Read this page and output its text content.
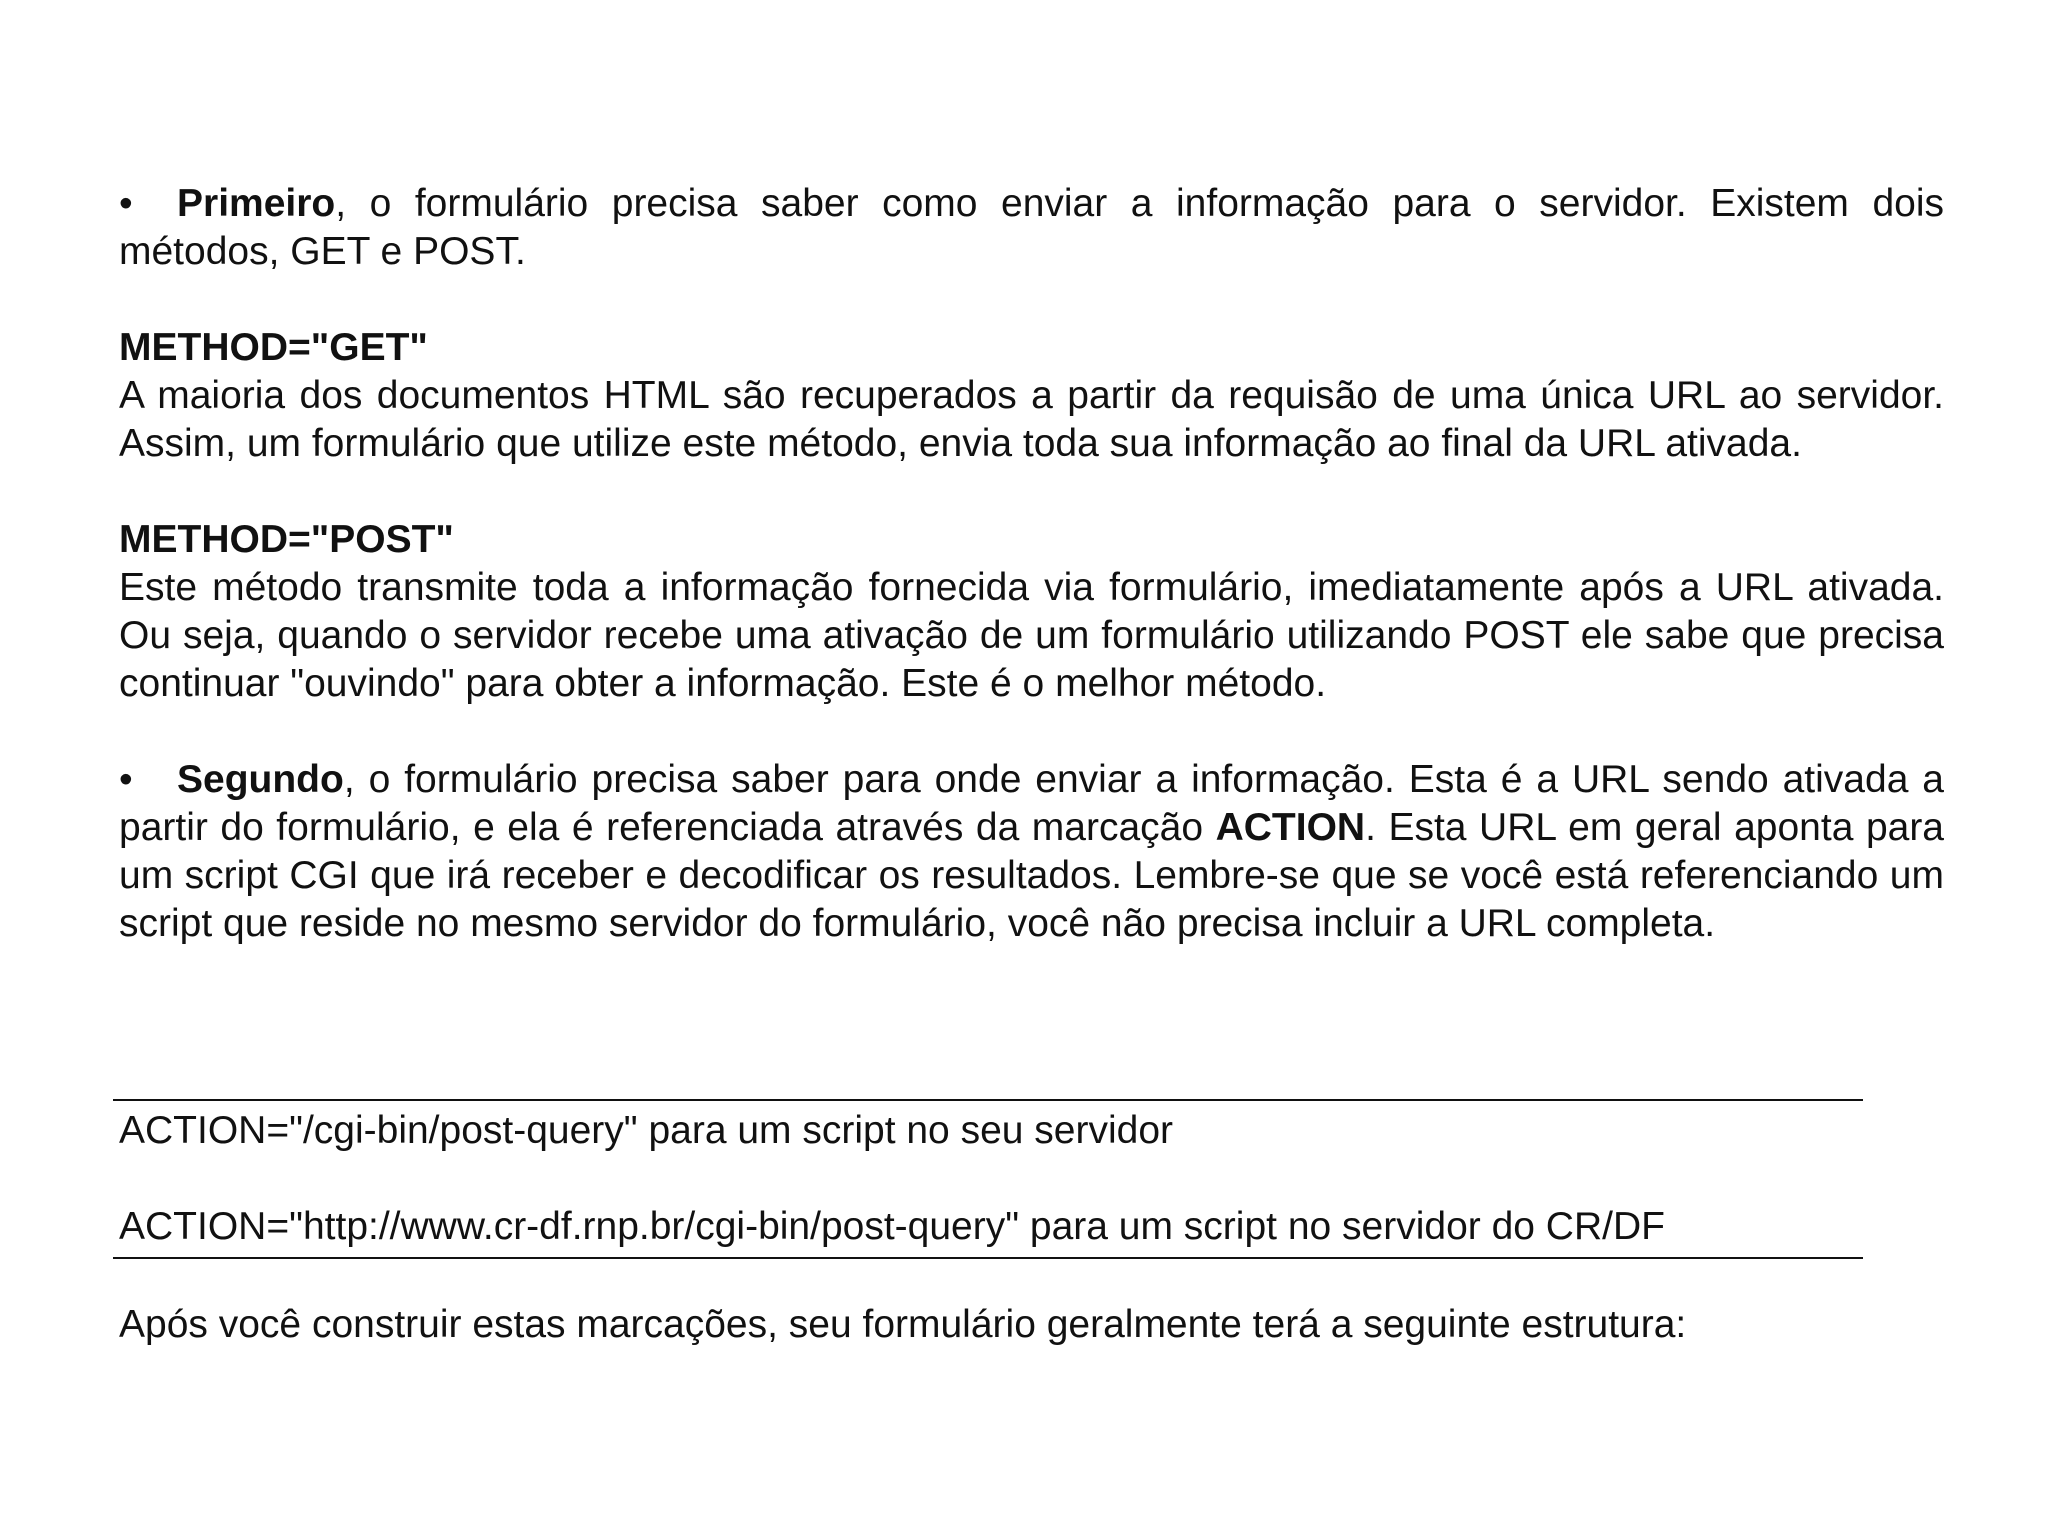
• Primeiro, o formulário precisa saber como enviar a informação para o servidor. Existem dois métodos, GET e POST.

METHOD="GET"

A maioria dos documentos HTML são recuperados a partir da requisão de uma única URL ao servidor. Assim, um formulário que utilize este método, envia toda sua informação ao final da URL ativada.

METHOD="POST"

Este método transmite toda a informação fornecida via formulário, imediatamente após a URL ativada. Ou seja, quando o servidor recebe uma ativação de um formulário utilizando POST ele sabe que precisa continuar "ouvindo" para obter a informação. Este é o melhor método.

• Segundo, o formulário precisa saber para onde enviar a informação. Esta é a URL sendo ativada a partir do formulário, e ela é referenciada através da marcação ACTION. Esta URL em geral aponta para um script CGI que irá receber e decodificar os resultados. Lembre-se que se você está referenciando um script que reside no mesmo servidor do formulário, você não precisa incluir a URL completa.

ACTION="/cgi-bin/post-query" para um script no seu servidor

ACTION="http://www.cr-df.rnp.br/cgi-bin/post-query" para um script no servidor do CR/DF

Após você construir estas marcações, seu formulário geralmente terá a seguinte estrutura:
